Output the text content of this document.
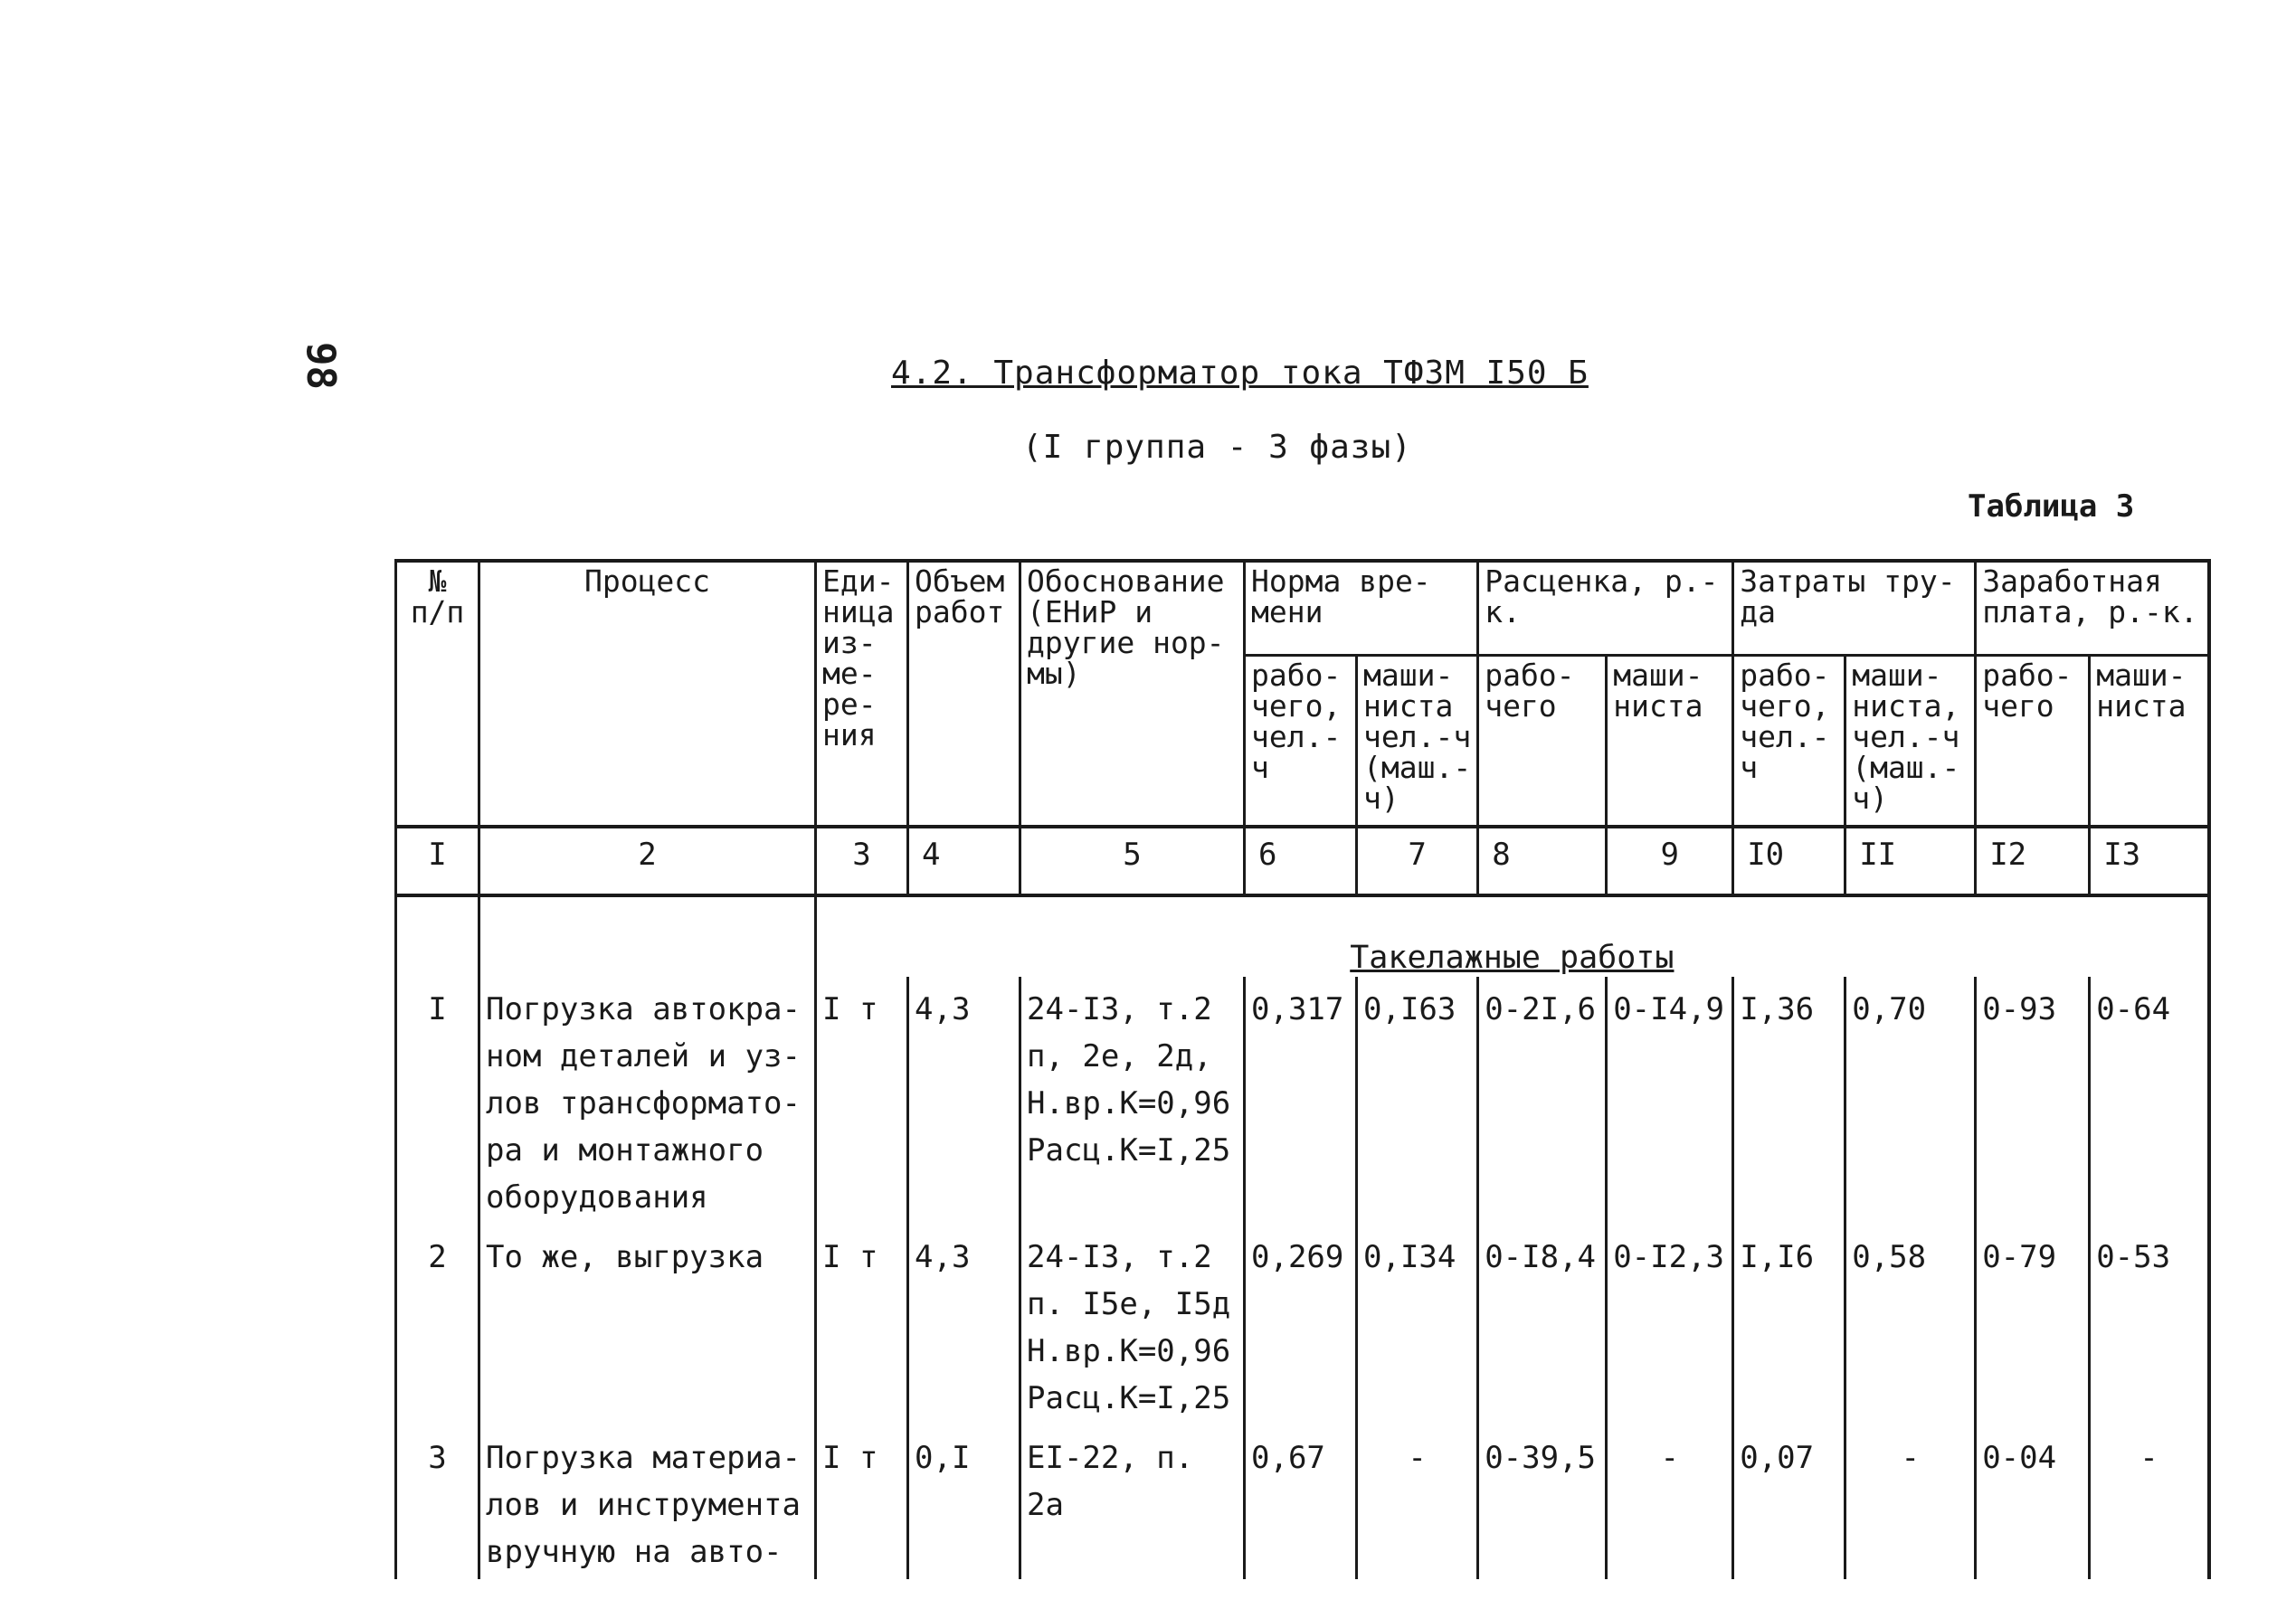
98	4.2. Трансформатор тока ТФЗМ I50 Б
(I группа - 3 фазы)
Таблица 3
№ п/п	Процесс	Еди- ница из- ме- ре- ния	Объем работ	Обоснование (ЕНиР и другие нор- мы)	Норма вре- мени		Расценка, р.-к.		Затраты тру- да		Заработная плата, р.-к.	
					рабо- чего, чел.- ч	маши- ниста чел.-ч (маш.- ч)	рабо- чего	маши- ниста	рабо- чего, чел.- ч	маши- ниста, чел.-ч (маш.- ч)	рабо- чего	маши- ниста
I	2	3	4	5	6	7	8	9	I0	II	I2	I3
		Такелажные работы										
I	Погрузка автокра- ном деталей и уз- лов трансформато- ра и монтажного оборудования	I т	4,3	24-I3, т.2 п, 2е, 2д, Н.вр.К=0,96 Расц.К=I,25	0,317	0,I63	0-2I,6	0-I4,9	I,36	0,70	0-93	0-64
2	То же, выгрузка	I т	4,3	24-I3, т.2 п. I5е, I5д Н.вр.К=0,96 Расц.К=I,25	0,269	0,I34	0-I8,4	0-I2,3	I,I6	0,58	0-79	0-53
3	Погрузка материа- лов и инструмента вручную на авто-	I т	0,I	ЕI-22, п. 2а	0,67	-	0-39,5	-	0,07	-	0-04	-
